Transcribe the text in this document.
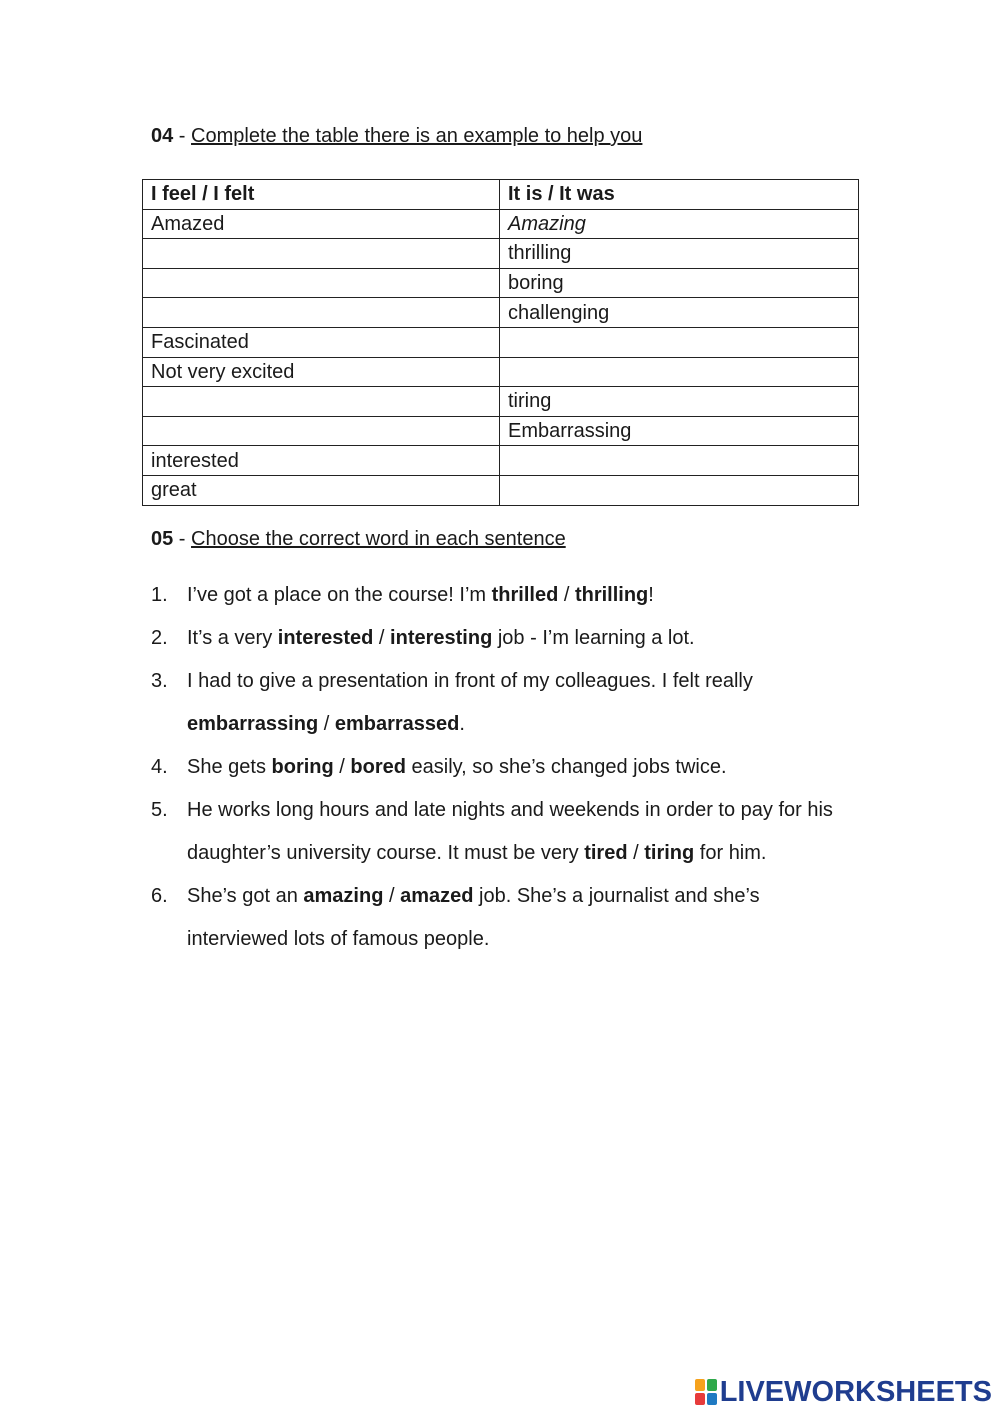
04 - Complete the table there is an example to help you
I feel / I felt	It is / It was
Amazed	Amazing
	thrilling
	boring
	challenging
Fascinated	
Not very excited	
	tiring
	Embarrassing
interested	
great	
05 - Choose the correct word in each sentence
1. I’ve got a place on the course! I’m thrilled / thrilling!
2. It’s a very interested / interesting job - I’m learning a lot.
3. I had to give a presentation in front of my colleagues. I felt really embarrassing / embarrassed.
4. She gets boring / bored easily, so she’s changed jobs twice.
5. He works long hours and late nights and weekends in order to pay for his daughter’s university course. It must be very tired / tiring for him.
6. She’s got an amazing / amazed job. She’s a journalist and she’s interviewed lots of famous people.
LIVEWORKSHEETS
